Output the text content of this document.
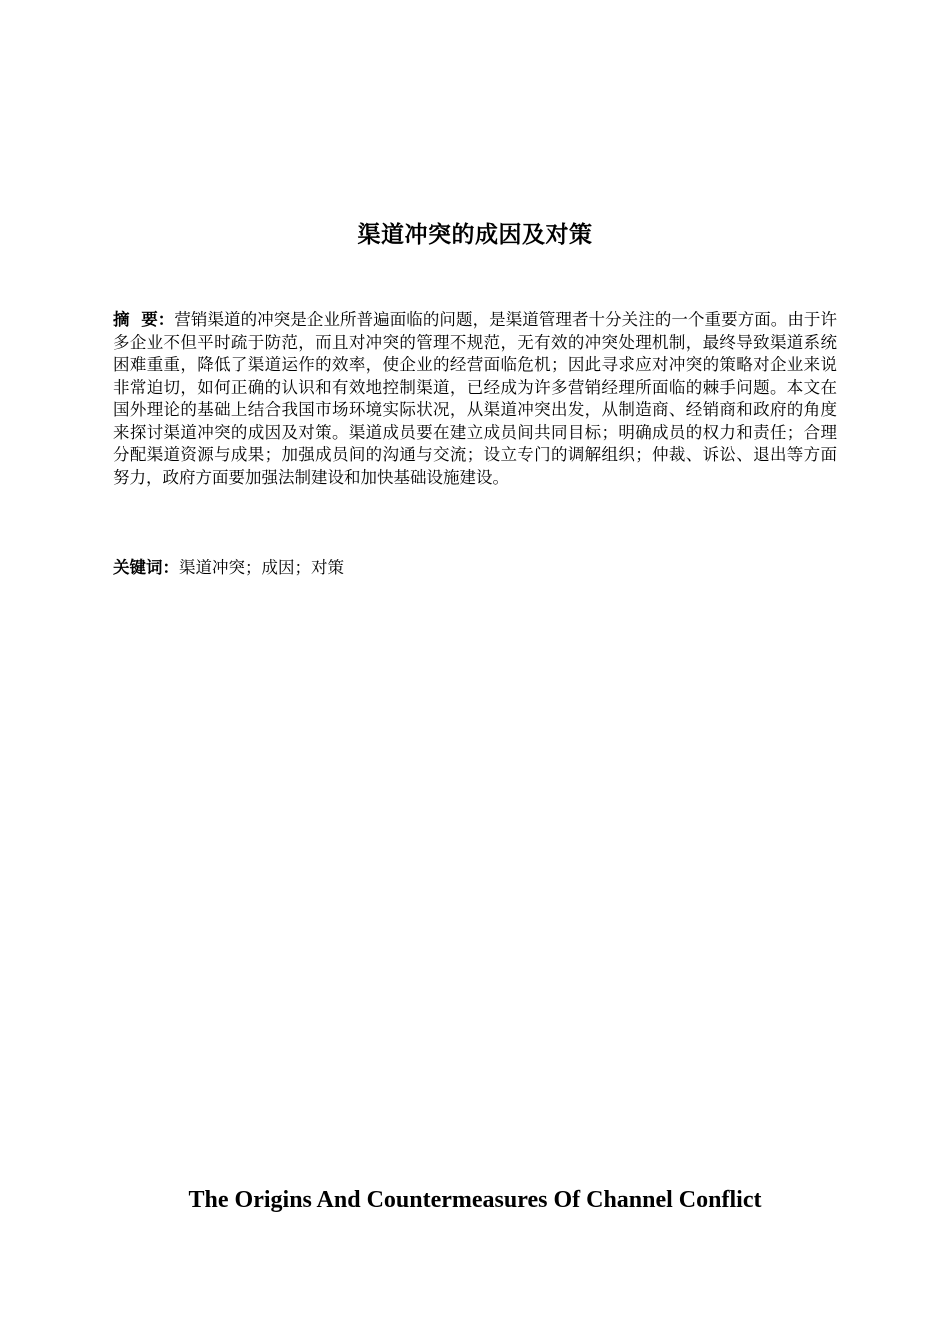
渠道冲突的成因及对策
摘  要：营销渠道的冲突是企业所普遍面临的问题，是渠道管理者十分关注的一个重要方面。由于许多企业不但平时疏于防范，而且对冲突的管理不规范，无有效的冲突处理机制，最终导致渠道系统困难重重，降低了渠道运作的效率，使企业的经营面临危机；因此寻求应对冲突的策略对企业来说非常迫切，如何正确的认识和有效地控制渠道，已经成为许多营销经理所面临的棘手问题。本文在国外理论的基础上结合我国市场环境实际状况，从渠道冲突出发，从制造商、经销商和政府的角度来探讨渠道冲突的成因及对策。渠道成员要在建立成员间共同目标；明确成员的权力和责任；合理分配渠道资源与成果；加强成员间的沟通与交流；设立专门的调解组织；仲裁、诉讼、退出等方面努力，政府方面要加强法制建设和加快基础设施建设。
关键词：渠道冲突；成因；对策
The Origins And Countermeasures Of Channel Conflict
